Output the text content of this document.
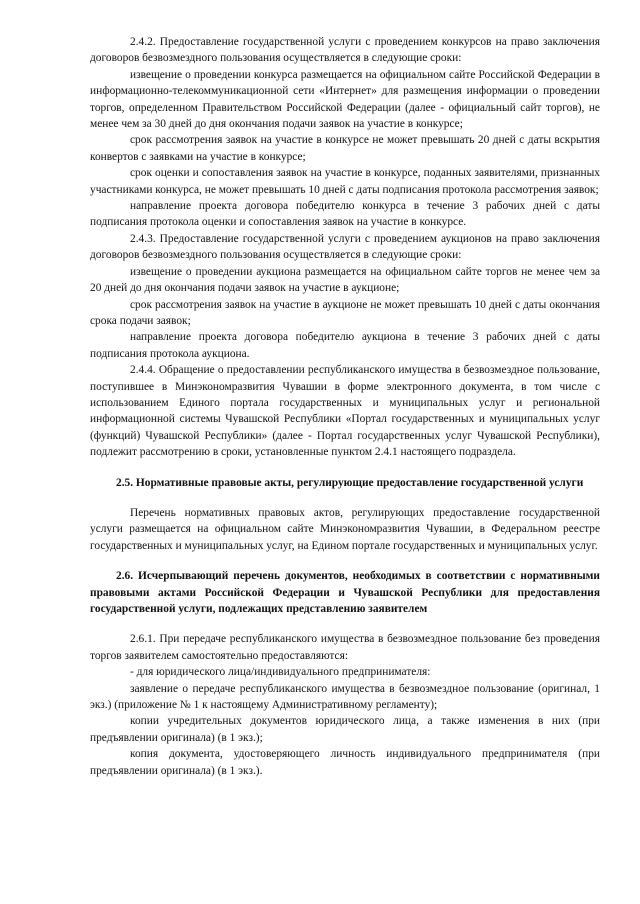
2.4.2. Предоставление государственной услуги с проведением конкурсов на право заключения договоров безвозмездного пользования осуществляется в следующие сроки:

извещение о проведении конкурса размещается на официальном сайте Российской Федерации в информационно-телекоммуникационной сети «Интернет» для размещения информации о проведении торгов, определенном Правительством Российской Федерации (далее - официальный сайт торгов), не менее чем за 30 дней до дня окончания подачи заявок на участие в конкурсе;

срок рассмотрения заявок на участие в конкурсе не может превышать 20 дней с даты вскрытия конвертов с заявками на участие в конкурсе;

срок оценки и сопоставления заявок на участие в конкурсе, поданных заявителями, признанных участниками конкурса, не может превышать 10 дней с даты подписания протокола рассмотрения заявок;

направление проекта договора победителю конкурса в течение 3 рабочих дней с даты подписания протокола оценки и сопоставления заявок на участие в конкурсе.

2.4.3. Предоставление государственной услуги с проведением аукционов на право заключения договоров безвозмездного пользования осуществляется в следующие сроки:

извещение о проведении аукциона размещается на официальном сайте торгов не менее чем за 20 дней до дня окончания подачи заявок на участие в аукционе;

срок рассмотрения заявок на участие в аукционе не может превышать 10 дней с даты окончания срока подачи заявок;

направление проекта договора победителю аукциона в течение 3 рабочих дней с даты подписания протокола аукциона.

2.4.4. Обращение о предоставлении республиканского имущества в безвозмездное пользование, поступившее в Минэкономразвития Чувашии в форме электронного документа, в том числе с использованием Единого портала государственных и муниципальных услуг и региональной информационной системы Чувашской Республики «Портал государственных и муниципальных услуг (функций) Чувашской Республики» (далее - Портал государственных услуг Чувашской Республики), подлежит рассмотрению в сроки, установленные пунктом 2.4.1 настоящего подраздела.

2.5. Нормативные правовые акты, регулирующие предоставление государственной услуги

Перечень нормативных правовых актов, регулирующих предоставление государственной услуги размещается на официальном сайте Минэкономразвития Чувашии, в Федеральном реестре государственных и муниципальных услуг, на Едином портале государственных и муниципальных услуг.

2.6. Исчерпывающий перечень документов, необходимых в соответствии с нормативными правовыми актами Российской Федерации и Чувашской Республики для предоставления государственной услуги, подлежащих представлению заявителем

2.6.1. При передаче республиканского имущества в безвозмездное пользование без проведения торгов заявителем самостоятельно предоставляются:

- для юридического лица/индивидуального предпринимателя:

заявление о передаче республиканского имущества в безвозмездное пользование (оригинал, 1 экз.) (приложение № 1 к настоящему Административному регламенту);

копии учредительных документов юридического лица, а также изменения в них (при предъявлении оригинала) (в 1 экз.);

копия документа, удостоверяющего личность индивидуального предпринимателя (при предъявлении оригинала) (в 1 экз.).
